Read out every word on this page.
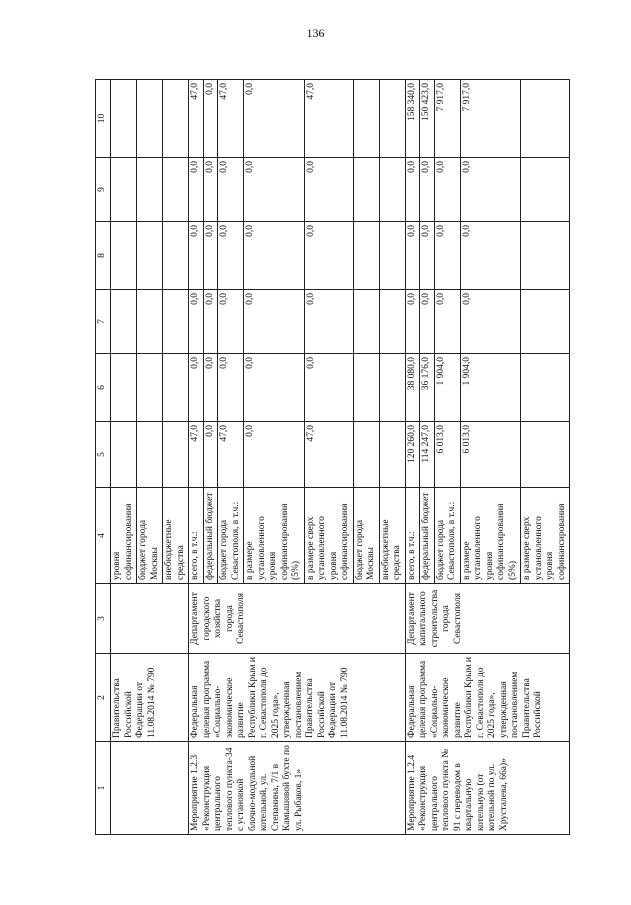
136
1	2	3	4	5	6	7	8	9	10
	Правительства Российской Федерации от 11.08.2014 № 790		уровня софинансирования						
			бюджет города Москвы						
			внебюджетные средства						
Мероприятие 1.2.3 «Реконструкция центрального теплового пункта-34 с установкой блочно-модульной котельной, ул. Степанина, 7/1 в Камышовой бухте по ул. Рыбаков, 1»	Федеральная целевая программа «Социально-экономическое развитие Республики Крым и г. Севастополя до 2025 года», утвержденная постановлением Правительства Российской Федерации от 11.08.2014 № 790	Департамент городского хозяйства города Севастополя	всего, в т.ч.:	47,0	0,0	0,0	0,0	0,0	47,0
			федеральный бюджет	0,0	0,0	0,0	0,0	0,0	0,0
			бюджет города Севастополя, в т.ч.:	47,0	0,0	0,0	0,0	0,0	47,0
			в размере установленного уровня софинансирования (5%)	0,0	0,0	0,0	0,0	0,0	0,0
			в размере сверх установленного уровня софинансирования	47,0	0,0	0,0	0,0	0,0	47,0
			бюджет города Москвы						
			внебюджетные средства						
Мероприятие 1.2.4 «Реконструкция центрального теплового пункта № 91 с переводом в квартальную котельную (от котельной по ул. Хрусталева, 66а)»	Федеральная целевая программа «Социально-экономическое развитие Республики Крым и г. Севастополя до 2025 года», утвержденная постановлением Правительства Российской	Департамент капитального строительства города Севастополя	всего, в т.ч.:	120 260,0	38 080,0	0,0	0,0	0,0	158 340,0
			федеральный бюджет	114 247,0	36 176,0	0,0	0,0	0,0	150 423,0
			бюджет города Севастополя, в т.ч.:	6 013,0	1 904,0	0,0	0,0	0,0	7 917,0
			в размере установленного уровня софинансирования (5%)	6 013,0	1 904,0	0,0	0,0	0,0	7 917,0
			в размере сверх установленного уровня софинансирования						
